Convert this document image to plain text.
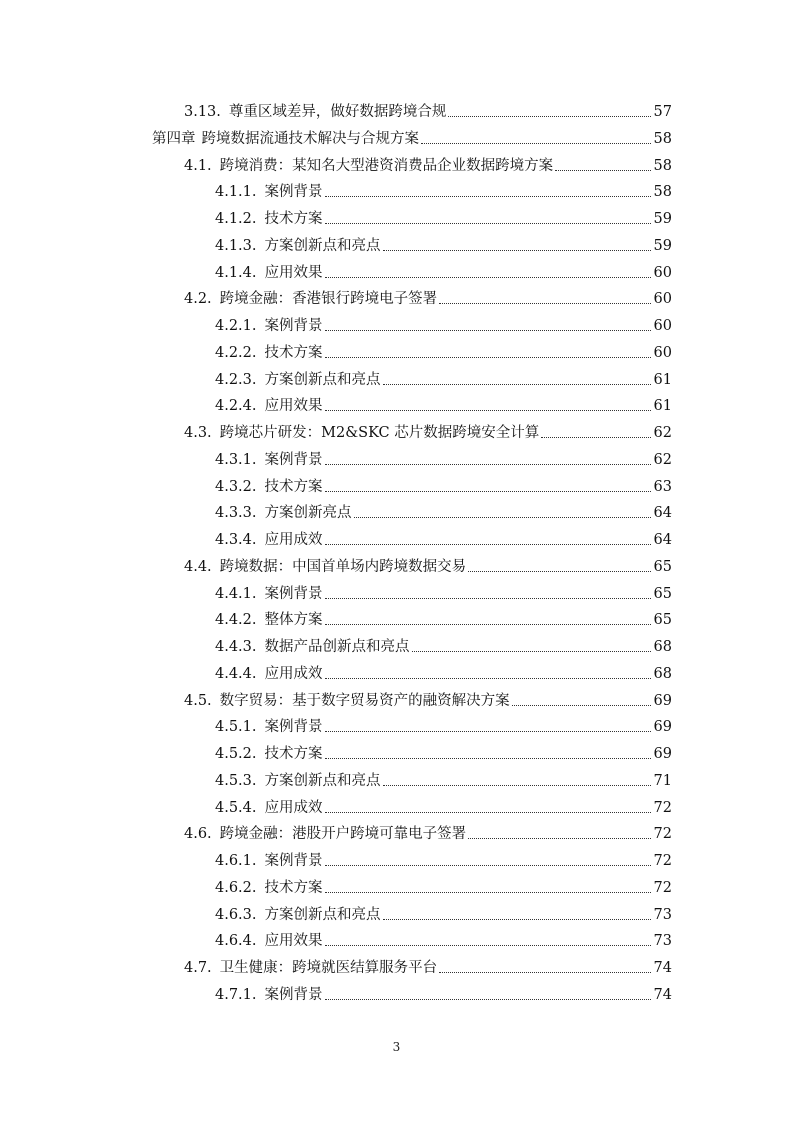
3.13. 尊重区域差异，做好数据跨境合规	57
第四章 跨境数据流通技术解决与合规方案	58
4.1. 跨境消费：某知名大型港资消费品企业数据跨境方案	58
4.1.1. 案例背景	58
4.1.2. 技术方案	59
4.1.3. 方案创新点和亮点	59
4.1.4. 应用效果	60
4.2. 跨境金融：香港银行跨境电子签署	60
4.2.1. 案例背景	60
4.2.2. 技术方案	60
4.2.3. 方案创新点和亮点	61
4.2.4. 应用效果	61
4.3. 跨境芯片研发：M2&SKC 芯片数据跨境安全计算	62
4.3.1. 案例背景	62
4.3.2. 技术方案	63
4.3.3. 方案创新亮点	64
4.3.4. 应用成效	64
4.4. 跨境数据：中国首单场内跨境数据交易	65
4.4.1. 案例背景	65
4.4.2. 整体方案	65
4.4.3. 数据产品创新点和亮点	68
4.4.4. 应用成效	68
4.5. 数字贸易：基于数字贸易资产的融资解决方案	69
4.5.1. 案例背景	69
4.5.2. 技术方案	69
4.5.3. 方案创新点和亮点	71
4.5.4. 应用成效	72
4.6. 跨境金融：港股开户跨境可靠电子签署	72
4.6.1. 案例背景	72
4.6.2. 技术方案	72
4.6.3. 方案创新点和亮点	73
4.6.4. 应用效果	73
4.7. 卫生健康：跨境就医结算服务平台	74
4.7.1. 案例背景	74
3
